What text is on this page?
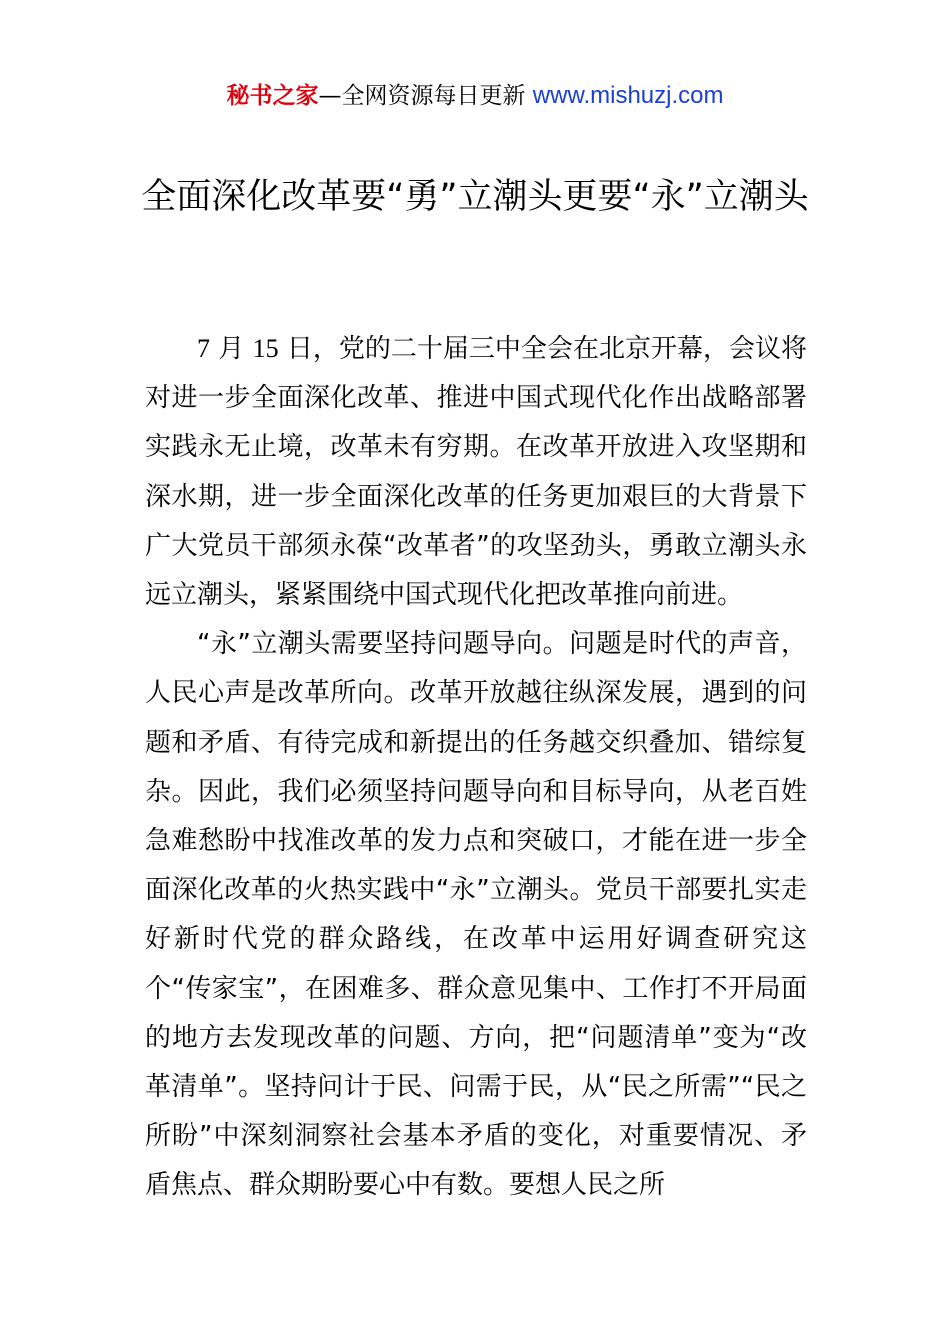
秘书之家—全网资源每日更新 www.mishuzj.com
全面深化改革要“勇”立潮头更要“永”立潮头

7 月 15 日，党的二十届三中全会在北京开幕，会议将对进一步全面深化改革、推进中国式现代化作出战略部署实践永无止境，改革未有穷期。在改革开放进入攻坚期和深水期，进一步全面深化改革的任务更加艰巨的大背景下广大党员干部须永葆“改革者”的攻坚劲头，勇敢立潮头永远立潮头，紧紧围绕中国式现代化把改革推向前进。

“永”立潮头需要坚持问题导向。问题是时代的声音，人民心声是改革所向。改革开放越往纵深发展，遇到的问题和矛盾、有待完成和新提出的任务越交织叠加、错综复杂。因此，我们必须坚持问题导向和目标导向，从老百姓急难愁盼中找准改革的发力点和突破口，才能在进一步全面深化改革的火热实践中“永”立潮头。党员干部要扎实走好新时代党的群众路线，在改革中运用好调查研究这个“传家宝”，在困难多、群众意见集中、工作打不开局面的地方去发现改革的问题、方向，把“问题清单”变为“改革清单”。坚持问计于民、问需于民，从“民之所需”“民之所盼”中深刻洞察社会基本矛盾的变化，对重要情况、矛盾焦点、群众期盼要心中有数。要想人民之所
